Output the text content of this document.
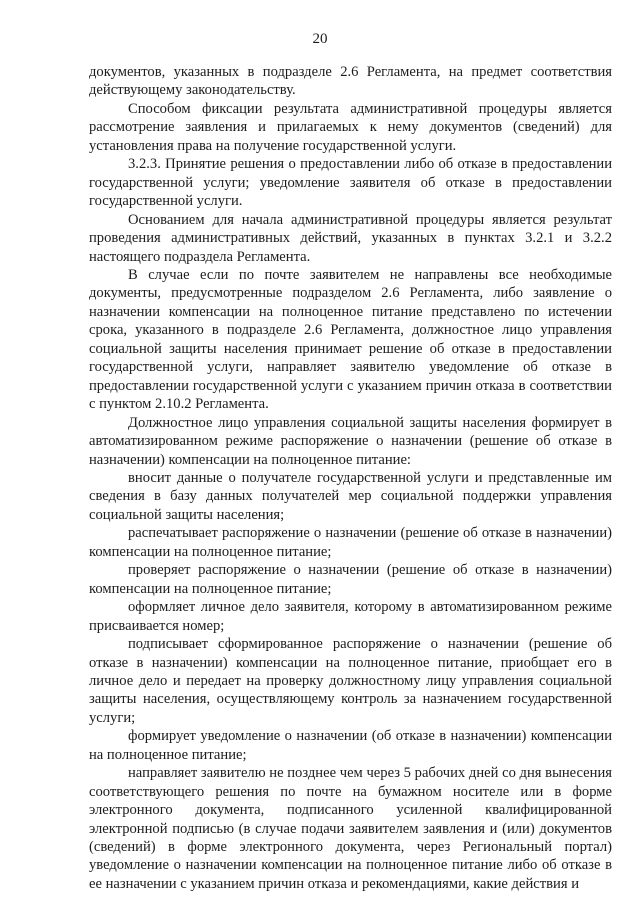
20

документов, указанных в подразделе 2.6 Регламента, на предмет соответствия действующему законодательству.

Способом фиксации результата административной процедуры является рассмотрение заявления и прилагаемых к нему документов (сведений) для установления права на получение государственной услуги.

3.2.3. Принятие решения о предоставлении либо об отказе в предоставлении государственной услуги; уведомление заявителя об отказе в предоставлении государственной услуги.

Основанием для начала административной процедуры является результат проведения административных действий, указанных в пунктах 3.2.1 и 3.2.2 настоящего подраздела Регламента.

В случае если по почте заявителем не направлены все необходимые документы, предусмотренные подразделом 2.6 Регламента, либо заявление о назначении компенсации на полноценное питание представлено по истечении срока, указанного в подразделе 2.6 Регламента, должностное лицо управления социальной защиты населения принимает решение об отказе в предоставлении государственной услуги, направляет заявителю уведомление об отказе в предоставлении государственной услуги с указанием причин отказа в соответствии с пунктом 2.10.2 Регламента.

Должностное лицо управления социальной защиты населения формирует в автоматизированном режиме распоряжение о назначении (решение об отказе в назначении) компенсации на полноценное питание:

вносит данные о получателе государственной услуги и представленные им сведения в базу данных получателей мер социальной поддержки управления социальной защиты населения;

распечатывает распоряжение о назначении (решение об отказе в назначении) компенсации на полноценное питание;

проверяет распоряжение о назначении (решение об отказе в назначении) компенсации на полноценное питание;

оформляет личное дело заявителя, которому в автоматизированном режиме присваивается номер;

подписывает сформированное распоряжение о назначении (решение об отказе в назначении) компенсации на полноценное питание, приобщает его в личное дело и передает на проверку должностному лицу управления социальной защиты населения, осуществляющему контроль за назначением государственной услуги;

формирует уведомление о назначении (об отказе в назначении) компенсации на полноценное питание;

направляет заявителю не позднее чем через 5 рабочих дней со дня вынесения соответствующего решения по почте на бумажном носителе или в форме электронного документа, подписанного усиленной квалифицированной электронной подписью (в случае подачи заявителем заявления и (или) документов (сведений) в форме электронного документа, через Региональный портал) уведомление о назначении компенсации на полноценное питание либо об отказе в ее назначении с указанием причин отказа и рекомендациями, какие действия и
